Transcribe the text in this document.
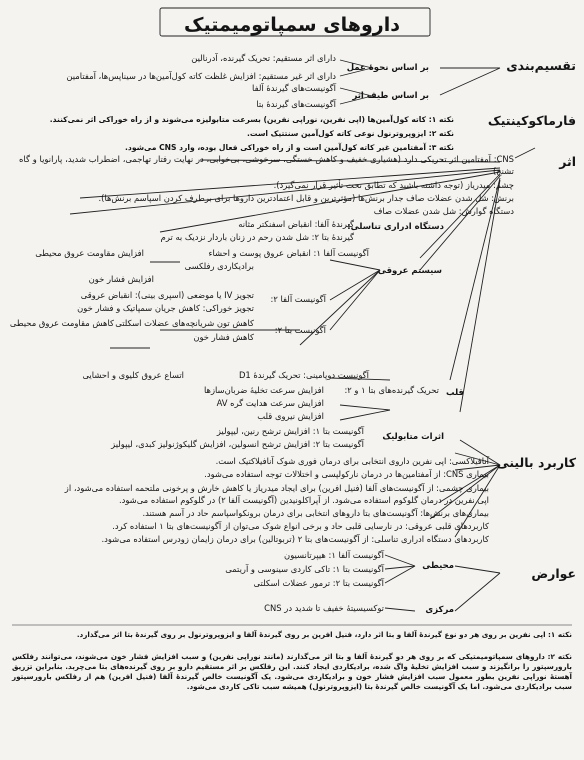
داروهای سمپاتومیمتیک
تقسیم‌بندی
بر اساس نحوهٔ عمل
دارای اثر مستقیم: تحریک گیرنده، آدرنالین
دارای اثر غیر مستقیم: افزایش غلظت کاته کول‌آمین‌ها در سیناپس‌ها، آمفتامین
بر اساس طیف اثر
آگونیست‌های گیرندهٔ آلفا
آگونیست‌های گیرندهٔ بتا
فارماکوکینتیک
نکته ۱: کاته کول‌آمین‌ها (اپی نفرین، نوراپی نفرین) بسرعت متابولیزه می‌شوند و از راه خوراکی اثر نمی‌کنند.
نکته ۲: ایزوپروترنول نوعی کاته کول‌آمین سنتتیک است.
نکته ۳: آمفتامین غیر کاته کول‌آمین است و از راه خوراکی فعال بوده، وارد CNS می‌شود.
اثر
CNS: آمفتامین اثر تحریکی دارد (هشیاری خفیف و کاهش خستگی، سرخوشی، بی‌خوابی، در نهایت رفتار تهاجمی، اضطراب شدید، پارانویا و گاه تشنج)
چشم: میدریاز (توجه داشته باشید که تطابق تحت تأثیر قرار نمی‌گیرد).
برنش: شل شدن عضلات صاف جدار برنش‌ها (مؤثرترین و قابل اعتمادترین داروها برای برطرف کردن اسپاسم برنش‌ها).
دستگاه گوارش: شل شدن عضلات صاف
دستگاه ادراری تناسلی:
گیرندهٔ آلفا: انقباض اسفنکتر مثانه
گیرندهٔ بتا ۲: شل شدن رحم در زنان باردار نزدیک به ترم
سیستم عروقی
آگونیست آلفا ۱: انقباض عروق پوست و احشاء
افزایش مقاومت عروق محیطی
برادیکاردی رفلکسی
افزایش فشار خون
آگونیست آلفا ۲:
تجویز IV یا موضعی (اسپری بینی): انقباض عروقی
تجویز خوراکی: کاهش جریان سمپاتیک و فشار خون
آگونیست بتا ۲:
کاهش تون شریانچه‌های عضلات اسکلتی
کاهش مقاومت عروق محیطی
کاهش فشار خون
آگونیست دوپامینی: تحریک گیرندهٔ D1
اتساع عروق کلیوی و احشایی
قلب
تحریک گیرنده‌های بتا ۱ و ۲:
افزایش سرعت تخلیهٔ ضربان‌سازها
افزایش سرعت هدایت گره AV
افزایش نیروی قلب
اثرات متابولیک
آگونیست بتا ۱: افزایش ترشح رنین، لیپولیز
آگونیست بتا ۲: افزایش ترشح انسولین، افزایش گلیکوژنولیز کبدی، لیپولیز
کاربرد بالینی
آنافیلاکسی: اپی نفرین داروی انتخابی برای درمان فوری شوک آنافیلاکتیک است.
بیماری CNS: از آمفتامین‌ها در درمان نارکولپسی و اختلالات توجه استفاده می‌شود.
بیماری چشمی: از آگونیست‌های آلفا (فنیل افرین) برای ایجاد میدریاز یا کاهش خارش و پرخونی ملتحمه استفاده می‌شود، از
اپی نفرین در درمان گلوکوم استفاده می‌شود. از آپراکلونیدین (آگونیست آلفا ۲) در گلوکوم استفاده می‌شود.
بیماری‌های برنش‌ها: آگونیست‌های بتا داروهای انتخابی برای درمان برونکواسپاسم حاد در آسم هستند.
کاربردهای قلبی عروقی: در نارسایی قلبی حاد و برخی انواع شوک می‌توان از آگونیست‌های بتا ۱ استفاده کرد.
کاربردهای دستگاه ادراری تناسلی: از آگونیست‌های بتا ۲ (تربوتالین) برای درمان زایمان زودرس استفاده می‌شود.
عوارض
محیطی
آگونیست آلفا ۱: هیپرتانسیون
آگونیست بتا ۱: تاکی کاردی سینوسی و آریتمی
آگونیست بتا ۲: ترمور عضلات اسکلتی
مرکزی
توکسیسیتهٔ خفیف تا شدید در CNS
نکته ۱: اپی نفرین بر روی هر دو نوع گیرندهٔ آلفا و بتا اثر دارد، فنیل افرین بر روی گیرندهٔ آلفا و ایزوپروترنول بر روی گیرندهٔ بتا اثر می‌گذارد.
نکته ۲: داروهای سمپاتومیمتیکی که بر روی هر دو گیرندهٔ آلفا و بتا اثر می‌گذارند (مانند نوراپی نفرین) و سبب افزایش فشار خون می‌شوند، می‌توانند رفلکس بارورسپتور را برانگیزند و سبب افزایش تخلیهٔ واگ شده، برادیکاردی ایجاد کنند. این رفلکس بر اثر مستقیم دارو بر روی گیرنده‌های بتا می‌چربد. بنابراین تزریق آهستهٔ نوراپی نفرین بطور معمول سبب افزایش فشار خون و برادیکاردی می‌شود. یک آگونیست خالص گیرندهٔ آلفا (فنیل افرین) هم از رفلکس بارورسپتور سبب برادیکاردی می‌شود. اما یک آگونیست خالص گیرندهٔ بتا (ایزوپروترنول) همیشه سبب تاکی کاردی می‌شود.
